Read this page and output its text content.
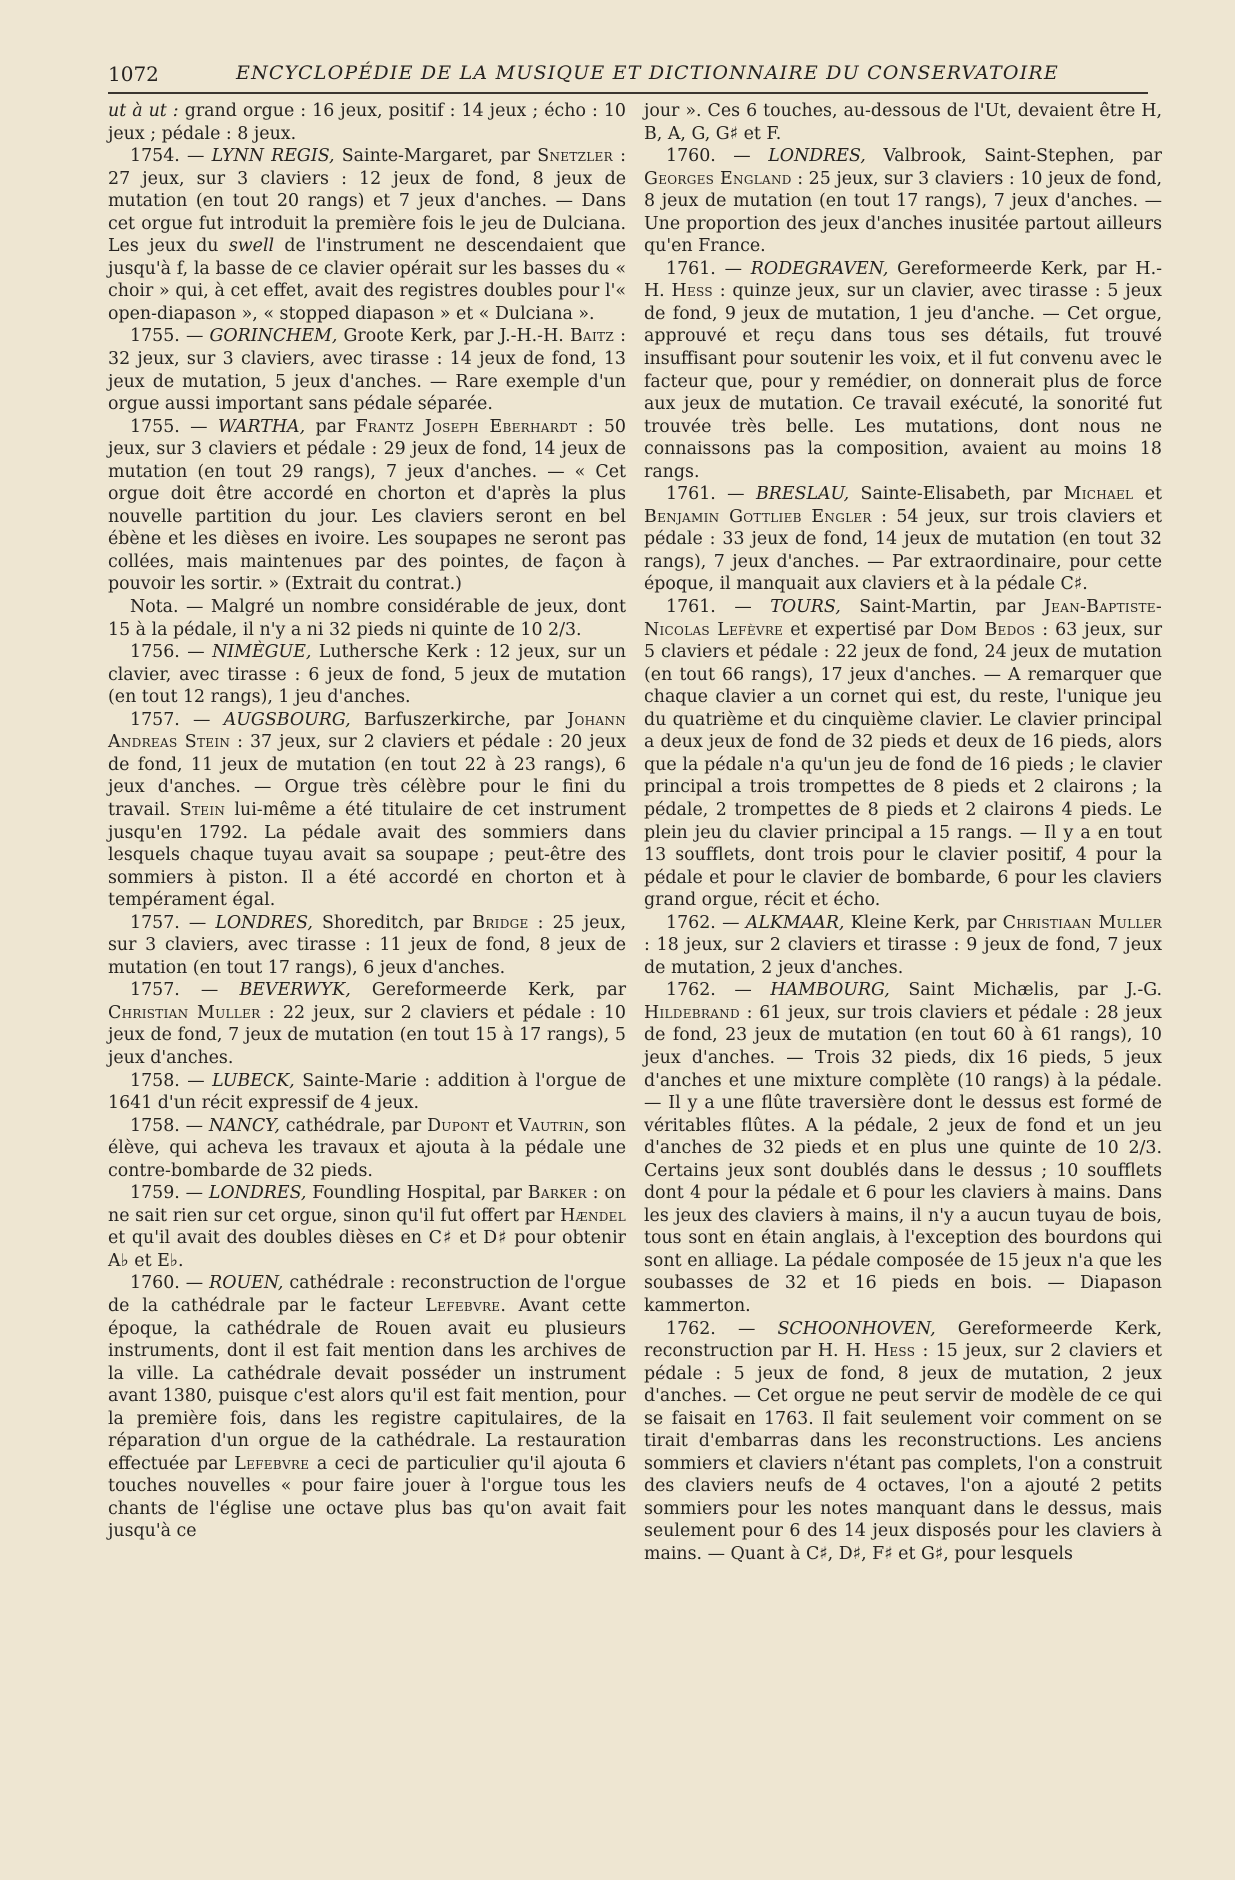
1072	ENCYCLOPÉDIE DE LA MUSIQUE ET DICTIONNAIRE DU CONSERVATOIRE

ut à ut : grand orgue : 16 jeux, positif : 14 jeux ; écho : 10 jeux ; pédale : 8 jeux.

1754. — LYNN REGIS, Sainte-Margaret, par Snetzler : 27 jeux, sur 3 claviers : 12 jeux de fond, 8 jeux de mutation (en tout 20 rangs) et 7 jeux d'anches. — Dans cet orgue fut introduit la première fois le jeu de Dulciana. Les jeux du swell de l'instrument ne descendaient que jusqu'à f, la basse de ce clavier opérait sur les basses du « choir » qui, à cet effet, avait des registres doubles pour l'« open-diapason », « stopped diapason » et « Dulciana ».

1755. — GORINCHEM, Groote Kerk, par J.-H.-H. Baitz : 32 jeux, sur 3 claviers, avec tirasse : 14 jeux de fond, 13 jeux de mutation, 5 jeux d'anches. — Rare exemple d'un orgue aussi important sans pédale séparée.

1755. — WARTHA, par Frantz Joseph Eberhardt : 50 jeux, sur 3 claviers et pédale : 29 jeux de fond, 14 jeux de mutation (en tout 29 rangs), 7 jeux d'anches. — « Cet orgue doit être accordé en chorton et d'après la plus nouvelle partition du jour. Les claviers seront en bel ébène et les dièses en ivoire. Les soupapes ne seront pas collées, mais maintenues par des pointes, de façon à pouvoir les sortir. » (Extrait du contrat.)

Nota. — Malgré un nombre considérable de jeux, dont 15 à la pédale, il n'y a ni 32 pieds ni quinte de 10 2/3.

1756. — NIMÈGUE, Luthersche Kerk : 12 jeux, sur un clavier, avec tirasse : 6 jeux de fond, 5 jeux de mutation (en tout 12 rangs), 1 jeu d'anches.

1757. — AUGSBOURG, Barfuszerkirche, par Johann Andreas Stein : 37 jeux, sur 2 claviers et pédale : 20 jeux de fond, 11 jeux de mutation (en tout 22 à 23 rangs), 6 jeux d'anches. — Orgue très célèbre pour le fini du travail. Stein lui-même a été titulaire de cet instrument jusqu'en 1792. La pédale avait des sommiers dans lesquels chaque tuyau avait sa soupape ; peut-être des sommiers à piston. Il a été accordé en chorton et à tempérament égal.

1757. — LONDRES, Shoreditch, par Bridge : 25 jeux, sur 3 claviers, avec tirasse : 11 jeux de fond, 8 jeux de mutation (en tout 17 rangs), 6 jeux d'anches.

1757. — BEVERWYK, Gereformeerde Kerk, par Christian Muller : 22 jeux, sur 2 claviers et pédale : 10 jeux de fond, 7 jeux de mutation (en tout 15 à 17 rangs), 5 jeux d'anches.

1758. — LUBECK, Sainte-Marie : addition à l'orgue de 1641 d'un récit expressif de 4 jeux.

1758. — NANCY, cathédrale, par Dupont et Vautrin, son élève, qui acheva les travaux et ajouta à la pédale une contre-bombarde de 32 pieds.

1759. — LONDRES, Foundling Hospital, par Barker : on ne sait rien sur cet orgue, sinon qu'il fut offert par Hændel et qu'il avait des doubles dièses en C♯ et D♯ pour obtenir A♭ et E♭.

1760. — ROUEN, cathédrale : reconstruction de l'orgue de la cathédrale par le facteur Lefebvre. Avant cette époque, la cathédrale de Rouen avait eu plusieurs instruments, dont il est fait mention dans les archives de la ville. La cathédrale devait posséder un instrument avant 1380, puisque c'est alors qu'il est fait mention, pour la première fois, dans les registre capitulaires, de la réparation d'un orgue de la cathédrale. La restauration effectuée par Lefebvre a ceci de particulier qu'il ajouta 6 touches nouvelles « pour faire jouer à l'orgue tous les chants de l'église une octave plus bas qu'on avait fait jusqu'à ce

jour ». Ces 6 touches, au-dessous de l'Ut, devaient être H, B, A, G, G♯ et F.

1760. — LONDRES, Valbrook, Saint-Stephen, par Georges England : 25 jeux, sur 3 claviers : 10 jeux de fond, 8 jeux de mutation (en tout 17 rangs), 7 jeux d'anches. — Une proportion des jeux d'anches inusitée partout ailleurs qu'en France.

1761. — RODEGRAVEN, Gereformeerde Kerk, par H.-H. Hess : quinze jeux, sur un clavier, avec tirasse : 5 jeux de fond, 9 jeux de mutation, 1 jeu d'anche. — Cet orgue, approuvé et reçu dans tous ses détails, fut trouvé insuffisant pour soutenir les voix, et il fut convenu avec le facteur que, pour y remédier, on donnerait plus de force aux jeux de mutation. Ce travail exécuté, la sonorité fut trouvée très belle. Les mutations, dont nous ne connaissons pas la composition, avaient au moins 18 rangs.

1761. — BRESLAU, Sainte-Elisabeth, par Michael et Benjamin Gottlieb Engler : 54 jeux, sur trois claviers et pédale : 33 jeux de fond, 14 jeux de mutation (en tout 32 rangs), 7 jeux d'anches. — Par extraordinaire, pour cette époque, il manquait aux claviers et à la pédale C♯.

1761. — TOURS, Saint-Martin, par Jean-Baptiste-Nicolas Lefèvre et expertisé par Dom Bedos : 63 jeux, sur 5 claviers et pédale : 22 jeux de fond, 24 jeux de mutation (en tout 66 rangs), 17 jeux d'anches. — A remarquer que chaque clavier a un cornet qui est, du reste, l'unique jeu du quatrième et du cinquième clavier. Le clavier principal a deux jeux de fond de 32 pieds et deux de 16 pieds, alors que la pédale n'a qu'un jeu de fond de 16 pieds ; le clavier principal a trois trompettes de 8 pieds et 2 clairons ; la pédale, 2 trompettes de 8 pieds et 2 clairons 4 pieds. Le plein jeu du clavier principal a 15 rangs. — Il y a en tout 13 soufflets, dont trois pour le clavier positif, 4 pour la pédale et pour le clavier de bombarde, 6 pour les claviers grand orgue, récit et écho.

1762. — ALKMAAR, Kleine Kerk, par Christiaan Muller : 18 jeux, sur 2 claviers et tirasse : 9 jeux de fond, 7 jeux de mutation, 2 jeux d'anches.

1762. — HAMBOURG, Saint Michælis, par J.-G. Hildebrand : 61 jeux, sur trois claviers et pédale : 28 jeux de fond, 23 jeux de mutation (en tout 60 à 61 rangs), 10 jeux d'anches. — Trois 32 pieds, dix 16 pieds, 5 jeux d'anches et une mixture complète (10 rangs) à la pédale. — Il y a une flûte traversière dont le dessus est formé de véritables flûtes. A la pédale, 2 jeux de fond et un jeu d'anches de 32 pieds et en plus une quinte de 10 2/3. Certains jeux sont doublés dans le dessus ; 10 soufflets dont 4 pour la pédale et 6 pour les claviers à mains. Dans les jeux des claviers à mains, il n'y a aucun tuyau de bois, tous sont en étain anglais, à l'exception des bourdons qui sont en alliage. La pédale composée de 15 jeux n'a que les soubasses de 32 et 16 pieds en bois. — Diapason kammerton.

1762. — SCHOONHOVEN, Gereformeerde Kerk, reconstruction par H. H. Hess : 15 jeux, sur 2 claviers et pédale : 5 jeux de fond, 8 jeux de mutation, 2 jeux d'anches. — Cet orgue ne peut servir de modèle de ce qui se faisait en 1763. Il fait seulement voir comment on se tirait d'embarras dans les reconstructions. Les anciens sommiers et claviers n'étant pas complets, l'on a construit des claviers neufs de 4 octaves, l'on a ajouté 2 petits sommiers pour les notes manquant dans le dessus, mais seulement pour 6 des 14 jeux disposés pour les claviers à mains. — Quant à C♯, D♯, F♯ et G♯, pour lesquels
